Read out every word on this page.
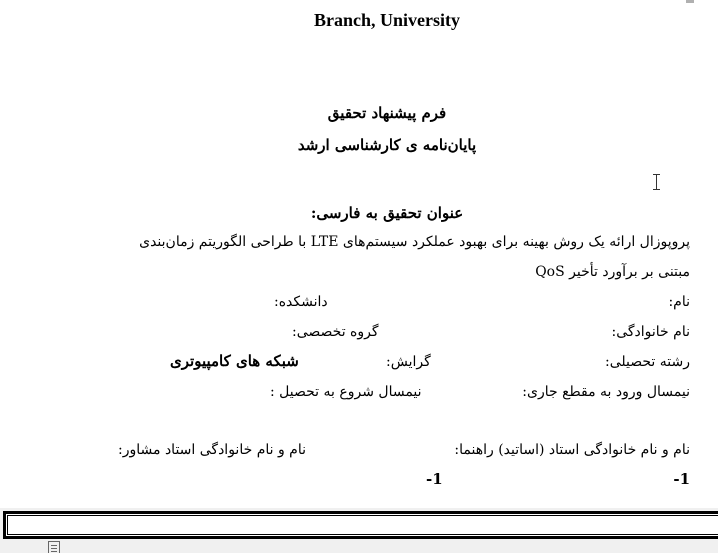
Branch, University
فرم پیشنهاد تحقیق
پایان‌نامه ی کارشناسی ارشد
عنوان تحقیق به فارسی:
پروپوزال ارائه یک روش بهینه برای بهبود عملکرد سیستم‌های LTE با طراحی الگوریتم زمان‌بندی
QoS مبتنی بر برآورد تأخیر
نام:
دانشکده:
نام خانوادگی:
گروه تخصصی:
رشته تحصیلی:
گرایش:
شبکه های کامپیوتری
نیمسال ورود به مقطع جاری:
نیمسال شروع به تحصیل :
نام و نام خانوادگی استاد (اساتید) راهنما:
نام و نام خانوادگی استاد مشاور:
1-
1-
